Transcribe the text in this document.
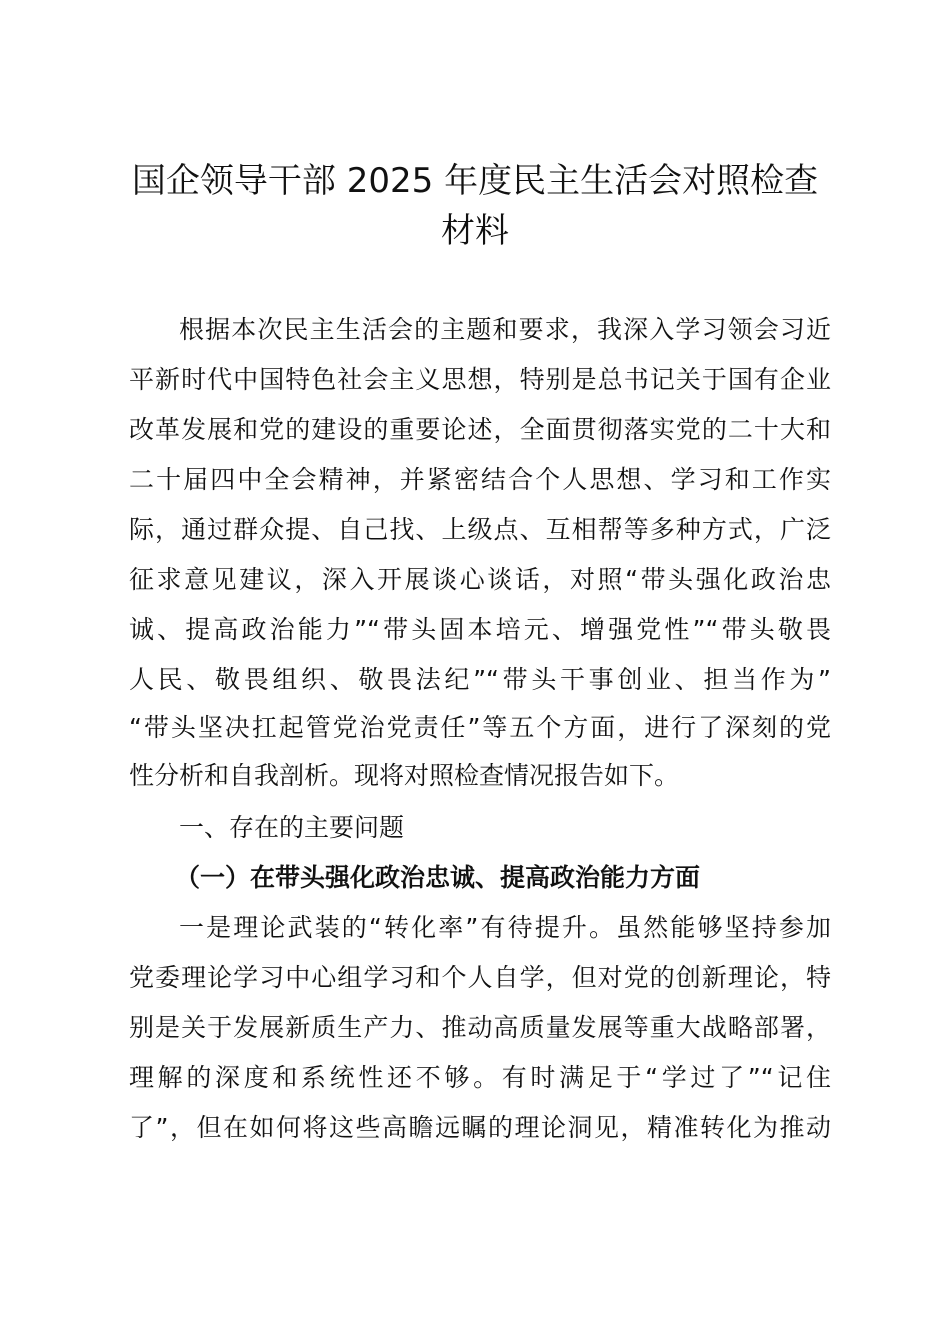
国企领导干部 2025 年度民主生活会对照检查
材料
根据本次民主生活会的主题和要求，我深入学习领会习近
平新时代中国特色社会主义思想，特别是总书记关于国有企业
改革发展和党的建设的重要论述，全面贯彻落实党的二十大和
二十届四中全会精神，并紧密结合个人思想、学习和工作实
际，通过群众提、自己找、上级点、互相帮等多种方式，广泛
征求意见建议，深入开展谈心谈话，对照“带头强化政治忠
诚、提高政治能力”“带头固本培元、增强党性”“带头敬畏
人民、敬畏组织、敬畏法纪”“带头干事创业、担当作为”
“带头坚决扛起管党治党责任”等五个方面，进行了深刻的党
性分析和自我剖析。现将对照检查情况报告如下。
一、存在的主要问题
（一）在带头强化政治忠诚、提高政治能力方面
一是理论武装的“转化率”有待提升。虽然能够坚持参加
党委理论学习中心组学习和个人自学，但对党的创新理论，特
别是关于发展新质生产力、推动高质量发展等重大战略部署，
理解的深度和系统性还不够。有时满足于“学过了”“记住
了”，但在如何将这些高瞻远瞩的理论洞见，精准转化为推动
